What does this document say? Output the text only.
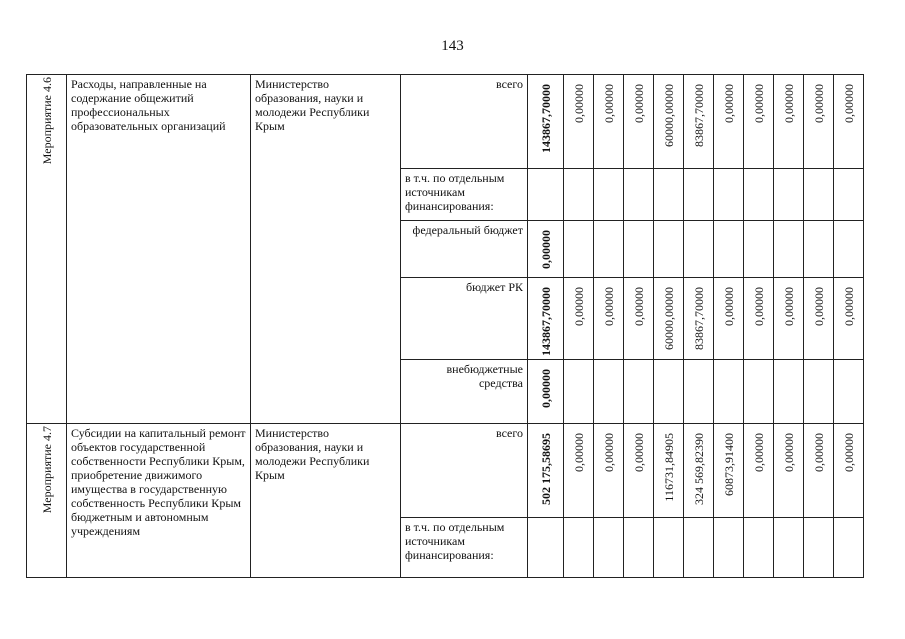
143
Мероприятие 4.6	Расходы, направленные на содержание общежитий профессиональных образовательных организаций	Министерство образования, науки и молодежи Республики Крым	всего	143867,70000	0,00000	0,00000	0,00000	60000,00000	83867,70000	0,00000	0,00000	0,00000	0,00000	0,00000

			в т.ч. по отдельным источникам финансирования:											
			федеральный бюджет	0,00000										

			бюджет РК	143867,70000	0,00000	0,00000	0,00000	60000,00000	83867,70000	0,00000	0,00000	0,00000	0,00000	0,00000

			внебюджетные средства	0,00000										

Мероприятие 4.7	Субсидии на капитальный ремонт объектов государственной собственности Республики Крым, приобретение движимого имущества в государственную собственность Республики Крым бюджетным и автономным учреждениям	Министерство образования, науки и молодежи Республики Крым	всего	502 175,58695	0,00000	0,00000	0,00000	116731,84905	324 569,82390	60873,91400	0,00000	0,00000	0,00000	0,00000

			в т.ч. по отдельным источникам финансирования:											
